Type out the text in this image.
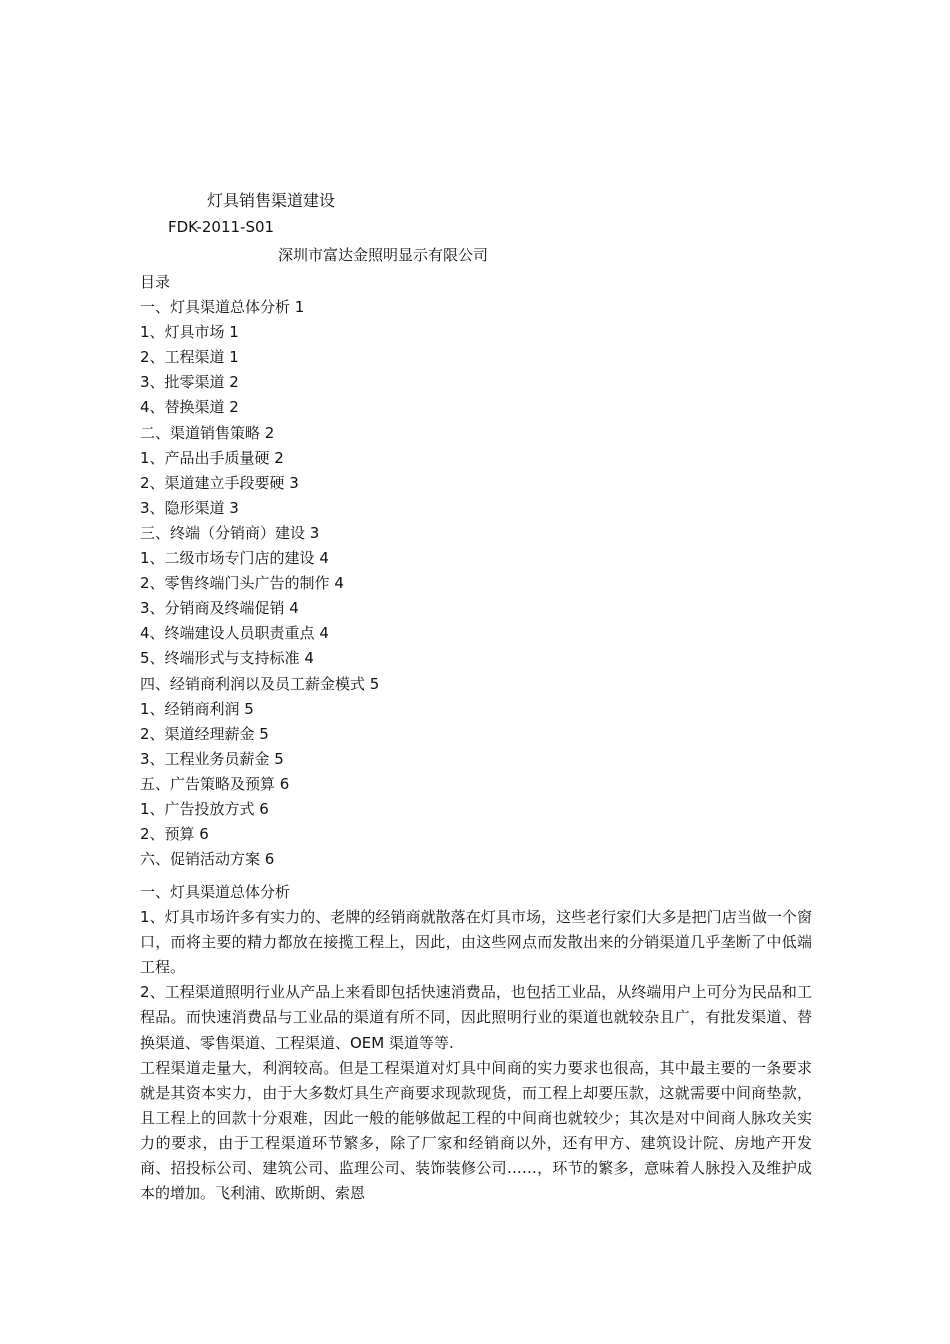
灯具销售渠道建设
FDK-2011-S01
深圳市富达金照明显示有限公司
目录
一、灯具渠道总体分析 1
1、灯具市场 1
2、工程渠道 1
3、批零渠道 2
4、替换渠道 2
二、渠道销售策略 2
1、产品出手质量硬 2
2、渠道建立手段要硬 3
3、隐形渠道 3
三、终端（分销商）建设 3
1、二级市场专门店的建设 4
2、零售终端门头广告的制作 4
3、分销商及终端促销 4
4、终端建设人员职责重点 4
5、终端形式与支持标准 4
四、经销商利润以及员工薪金模式 5
1、经销商利润 5
2、渠道经理薪金 5
3、工程业务员薪金 5
五、广告策略及预算 6
1、广告投放方式 6
2、预算 6
六、促销活动方案 6

一、灯具渠道总体分析

1、灯具市场许多有实力的、老牌的经销商就散落在灯具市场，这些老行家们大多是把门店当做一个窗口，而将主要的精力都放在接揽工程上，因此，由这些网点而发散出来的分销渠道几乎垄断了中低端工程。

2、工程渠道照明行业从产品上来看即包括快速消费品，也包括工业品，从终端用户上可分为民品和工程品。而快速消费品与工业品的渠道有所不同，因此照明行业的渠道也就较杂且广，有批发渠道、替换渠道、零售渠道、工程渠道、OEM 渠道等等.

工程渠道走量大，利润较高。但是工程渠道对灯具中间商的实力要求也很高，其中最主要的一条要求就是其资本实力，由于大多数灯具生产商要求现款现货，而工程上却要压款，这就需要中间商垫款，且工程上的回款十分艰难，因此一般的能够做起工程的中间商也就较少；其次是对中间商人脉攻关实力的要求，由于工程渠道环节繁多，除了厂家和经销商以外，还有甲方、建筑设计院、房地产开发商、招投标公司、建筑公司、监理公司、装饰装修公司……，环节的繁多，意味着人脉投入及维护成本的增加。飞利浦、欧斯朗、索恩
